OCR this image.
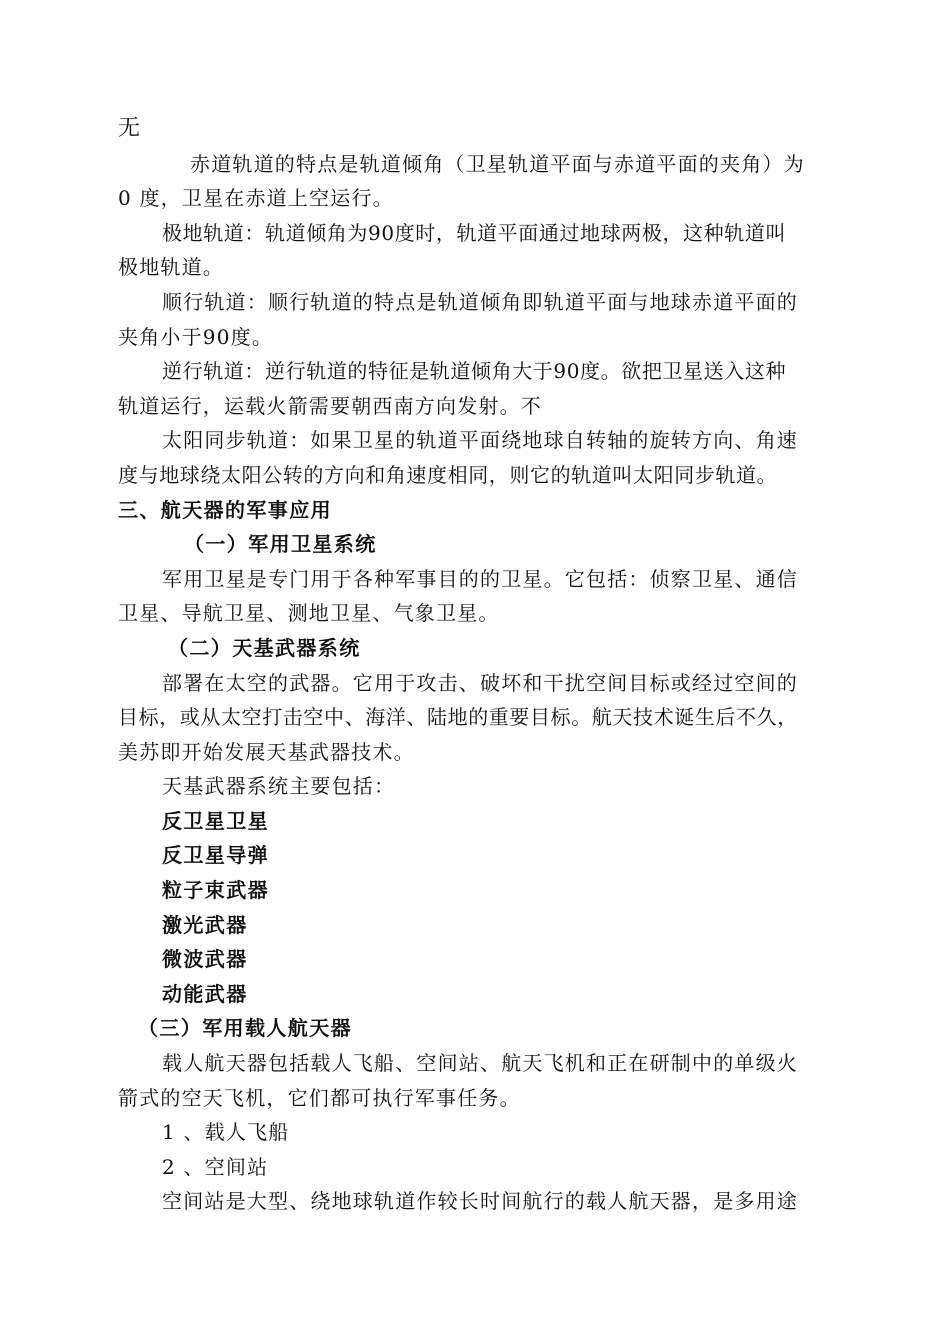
无
赤道轨道的特点是轨道倾角（卫星轨道平面与赤道平面的夹角）为
0 度，卫星在赤道上空运行。
极地轨道：轨道倾角为90度时，轨道平面通过地球两极，这种轨道叫
极地轨道。
顺行轨道：顺行轨道的特点是轨道倾角即轨道平面与地球赤道平面的
夹角小于90度。
逆行轨道：逆行轨道的特征是轨道倾角大于90度。欲把卫星送入这种
轨道运行，运载火箭需要朝西南方向发射。不
太阳同步轨道：如果卫星的轨道平面绕地球自转轴的旋转方向、角速
度与地球绕太阳公转的方向和角速度相同，则它的轨道叫太阳同步轨道。
三、航天器的军事应用
（一）军用卫星系统
军用卫星是专门用于各种军事目的的卫星。它包括：侦察卫星、通信
卫星、导航卫星、测地卫星、气象卫星。
（二）天基武器系统
部署在太空的武器。它用于攻击、破坏和干扰空间目标或经过空间的
目标，或从太空打击空中、海洋、陆地的重要目标。航天技术诞生后不久，
美苏即开始发展天基武器技术。
天基武器系统主要包括：
反卫星卫星
反卫星导弹
粒子束武器
激光武器
微波武器
动能武器
（三）军用载人航天器
载人航天器包括载人飞船、空间站、航天飞机和正在研制中的单级火
箭式的空天飞机，它们都可执行军事任务。
1 、载人飞船
2 、空间站
空间站是大型、绕地球轨道作较长时间航行的载人航天器，是多用途
